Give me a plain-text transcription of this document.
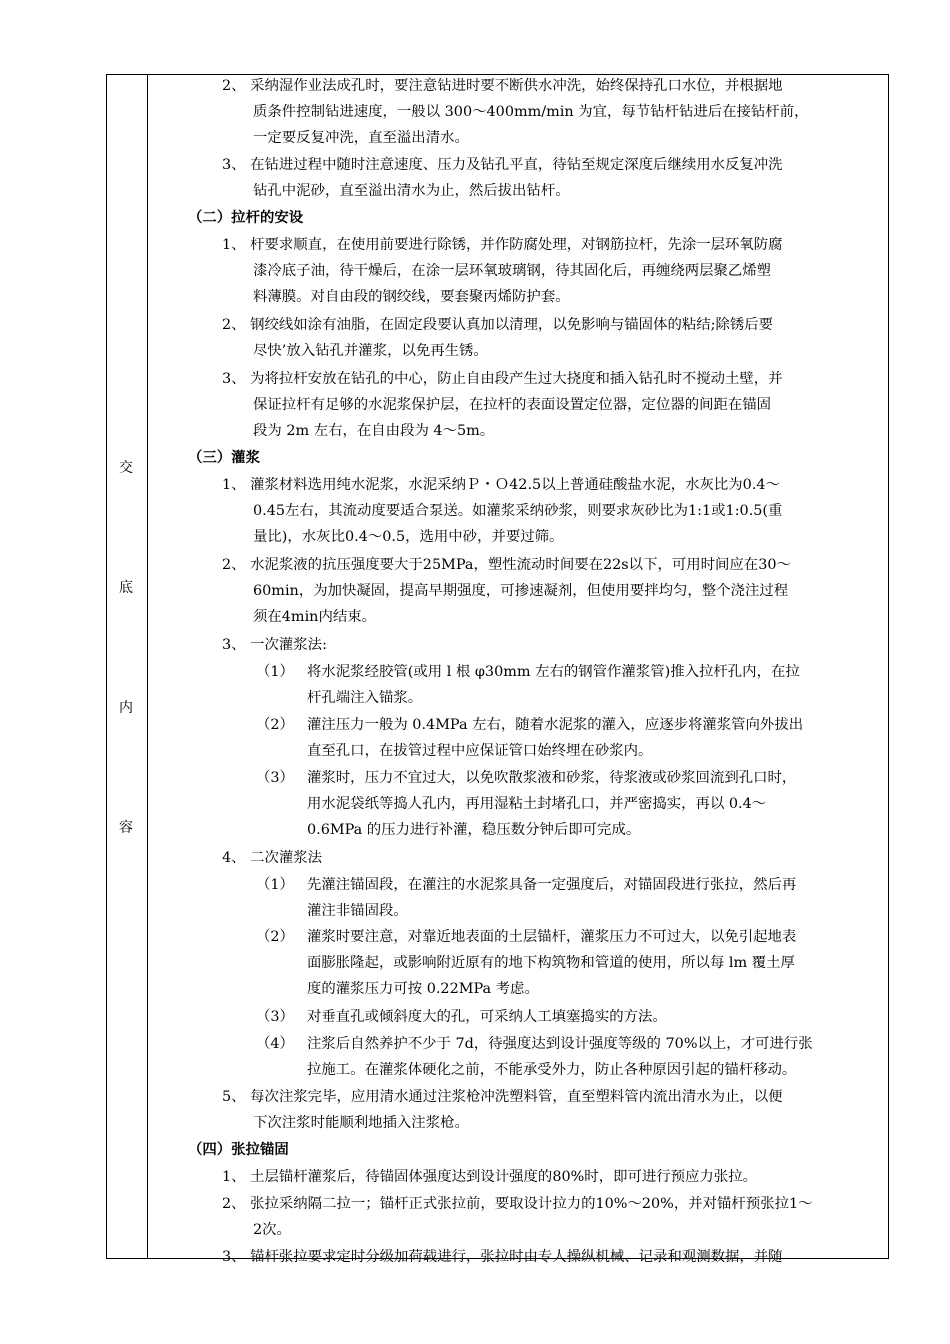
交
底
内
容
2、 采纳湿作业法成孔时，要注意钻进时要不断供水冲洗，始终保持孔口水位，并根据地
质条件控制钻进速度，一般以 300～400mm/min 为宜，每节钻杆钻进后在接钻杆前，
一定要反复冲洗，直至溢出清水。
3、 在钻进过程中随时注意速度、压力及钻孔平直，待钻至规定深度后继续用水反复冲洗
钻孔中泥砂，直至溢出清水为止，然后拔出钻杆。
（二）拉杆的安设
1、 杆要求顺直，在使用前要进行除锈，并作防腐处理，对钢筋拉杆，先涂一层环氧防腐
漆冷底子油，待干燥后，在涂一层环氧玻璃钢，待其固化后，再缠绕两层聚乙烯塑
料薄膜。对自由段的钢绞线，要套聚丙烯防护套。
2、 钢绞线如涂有油脂，在固定段要认真加以清理，以免影响与锚固体的粘结;除锈后要
尽快’放入钻孔并灌浆，以免再生锈。
3、 为将拉杆安放在钻孔的中心，防止自由段产生过大挠度和插入钻孔时不搅动土壁，并
保证拉杆有足够的水泥浆保护层，在拉杆的表面设置定位器，定位器的间距在锚固
段为 2m 左右，在自由段为 4～5m。
（三）灌浆
1、 灌浆材料选用纯水泥浆，水泥采纳Ｐ・Ｏ42.5以上普通硅酸盐水泥，水灰比为0.4～
0.45左右，其流动度要适合泵送。如灌浆采纳砂浆，则要求灰砂比为1:1或1:0.5(重
量比)，水灰比0.4～0.5，选用中砂，并要过筛。
2、 水泥浆液的抗压强度要大于25MPa，塑性流动时间要在22s以下，可用时间应在30～
60min，为加快凝固，提高早期强度，可掺速凝剂，但使用要拌均匀，整个浇注过程
须在4min内结束。
3、 一次灌浆法:
（1） 将水泥浆经胶管(或用 l 根 φ30mm 左右的钢管作灌浆管)推入拉杆孔内，在拉
杆孔端注入锚浆。
（2） 灌注压力一般为 0.4MPa 左右，随着水泥浆的灌入，应逐步将灌浆管向外拔出
直至孔口，在拔管过程中应保证管口始终埋在砂浆内。
（3） 灌浆时，压力不宜过大，以免吹散浆液和砂浆，待浆液或砂浆回流到孔口时，
用水泥袋纸等捣人孔内，再用湿粘土封堵孔口，并严密捣实，再以 0.4～
0.6MPa 的压力进行补灌，稳压数分钟后即可完成。
4、 二次灌浆法
（1） 先灌注锚固段，在灌注的水泥浆具备一定强度后，对锚固段进行张拉，然后再
灌注非锚固段。
（2） 灌浆时要注意，对靠近地表面的土层锚杆，灌浆压力不可过大，以免引起地表
面膨胀隆起，或影响附近原有的地下构筑物和管道的使用，所以每 lm 覆土厚
度的灌浆压力可按 0.22MPa 考虑。
（3） 对垂直孔或倾斜度大的孔，可采纳人工填塞捣实的方法。
（4） 注浆后自然养护不少于 7d，待强度达到设计强度等级的 70%以上，才可进行张
拉施工。在灌浆体硬化之前，不能承受外力，防止各种原因引起的锚杆移动。
5、 每次注浆完毕，应用清水通过注浆枪冲洗塑料管，直至塑料管内流出清水为止，以便
下次注浆时能顺利地插入注浆枪。
（四）张拉锚固
1、 土层锚杆灌浆后，待锚固体强度达到设计强度的80%时，即可进行预应力张拉。
2、 张拉采纳隔二拉一；锚杆正式张拉前，要取设计拉力的10%～20%，并对锚杆预张拉1～
2次。
3、 锚杆张拉要求定时分级加荷载进行，张拉时由专人操纵机械、记录和观测数据，并随
